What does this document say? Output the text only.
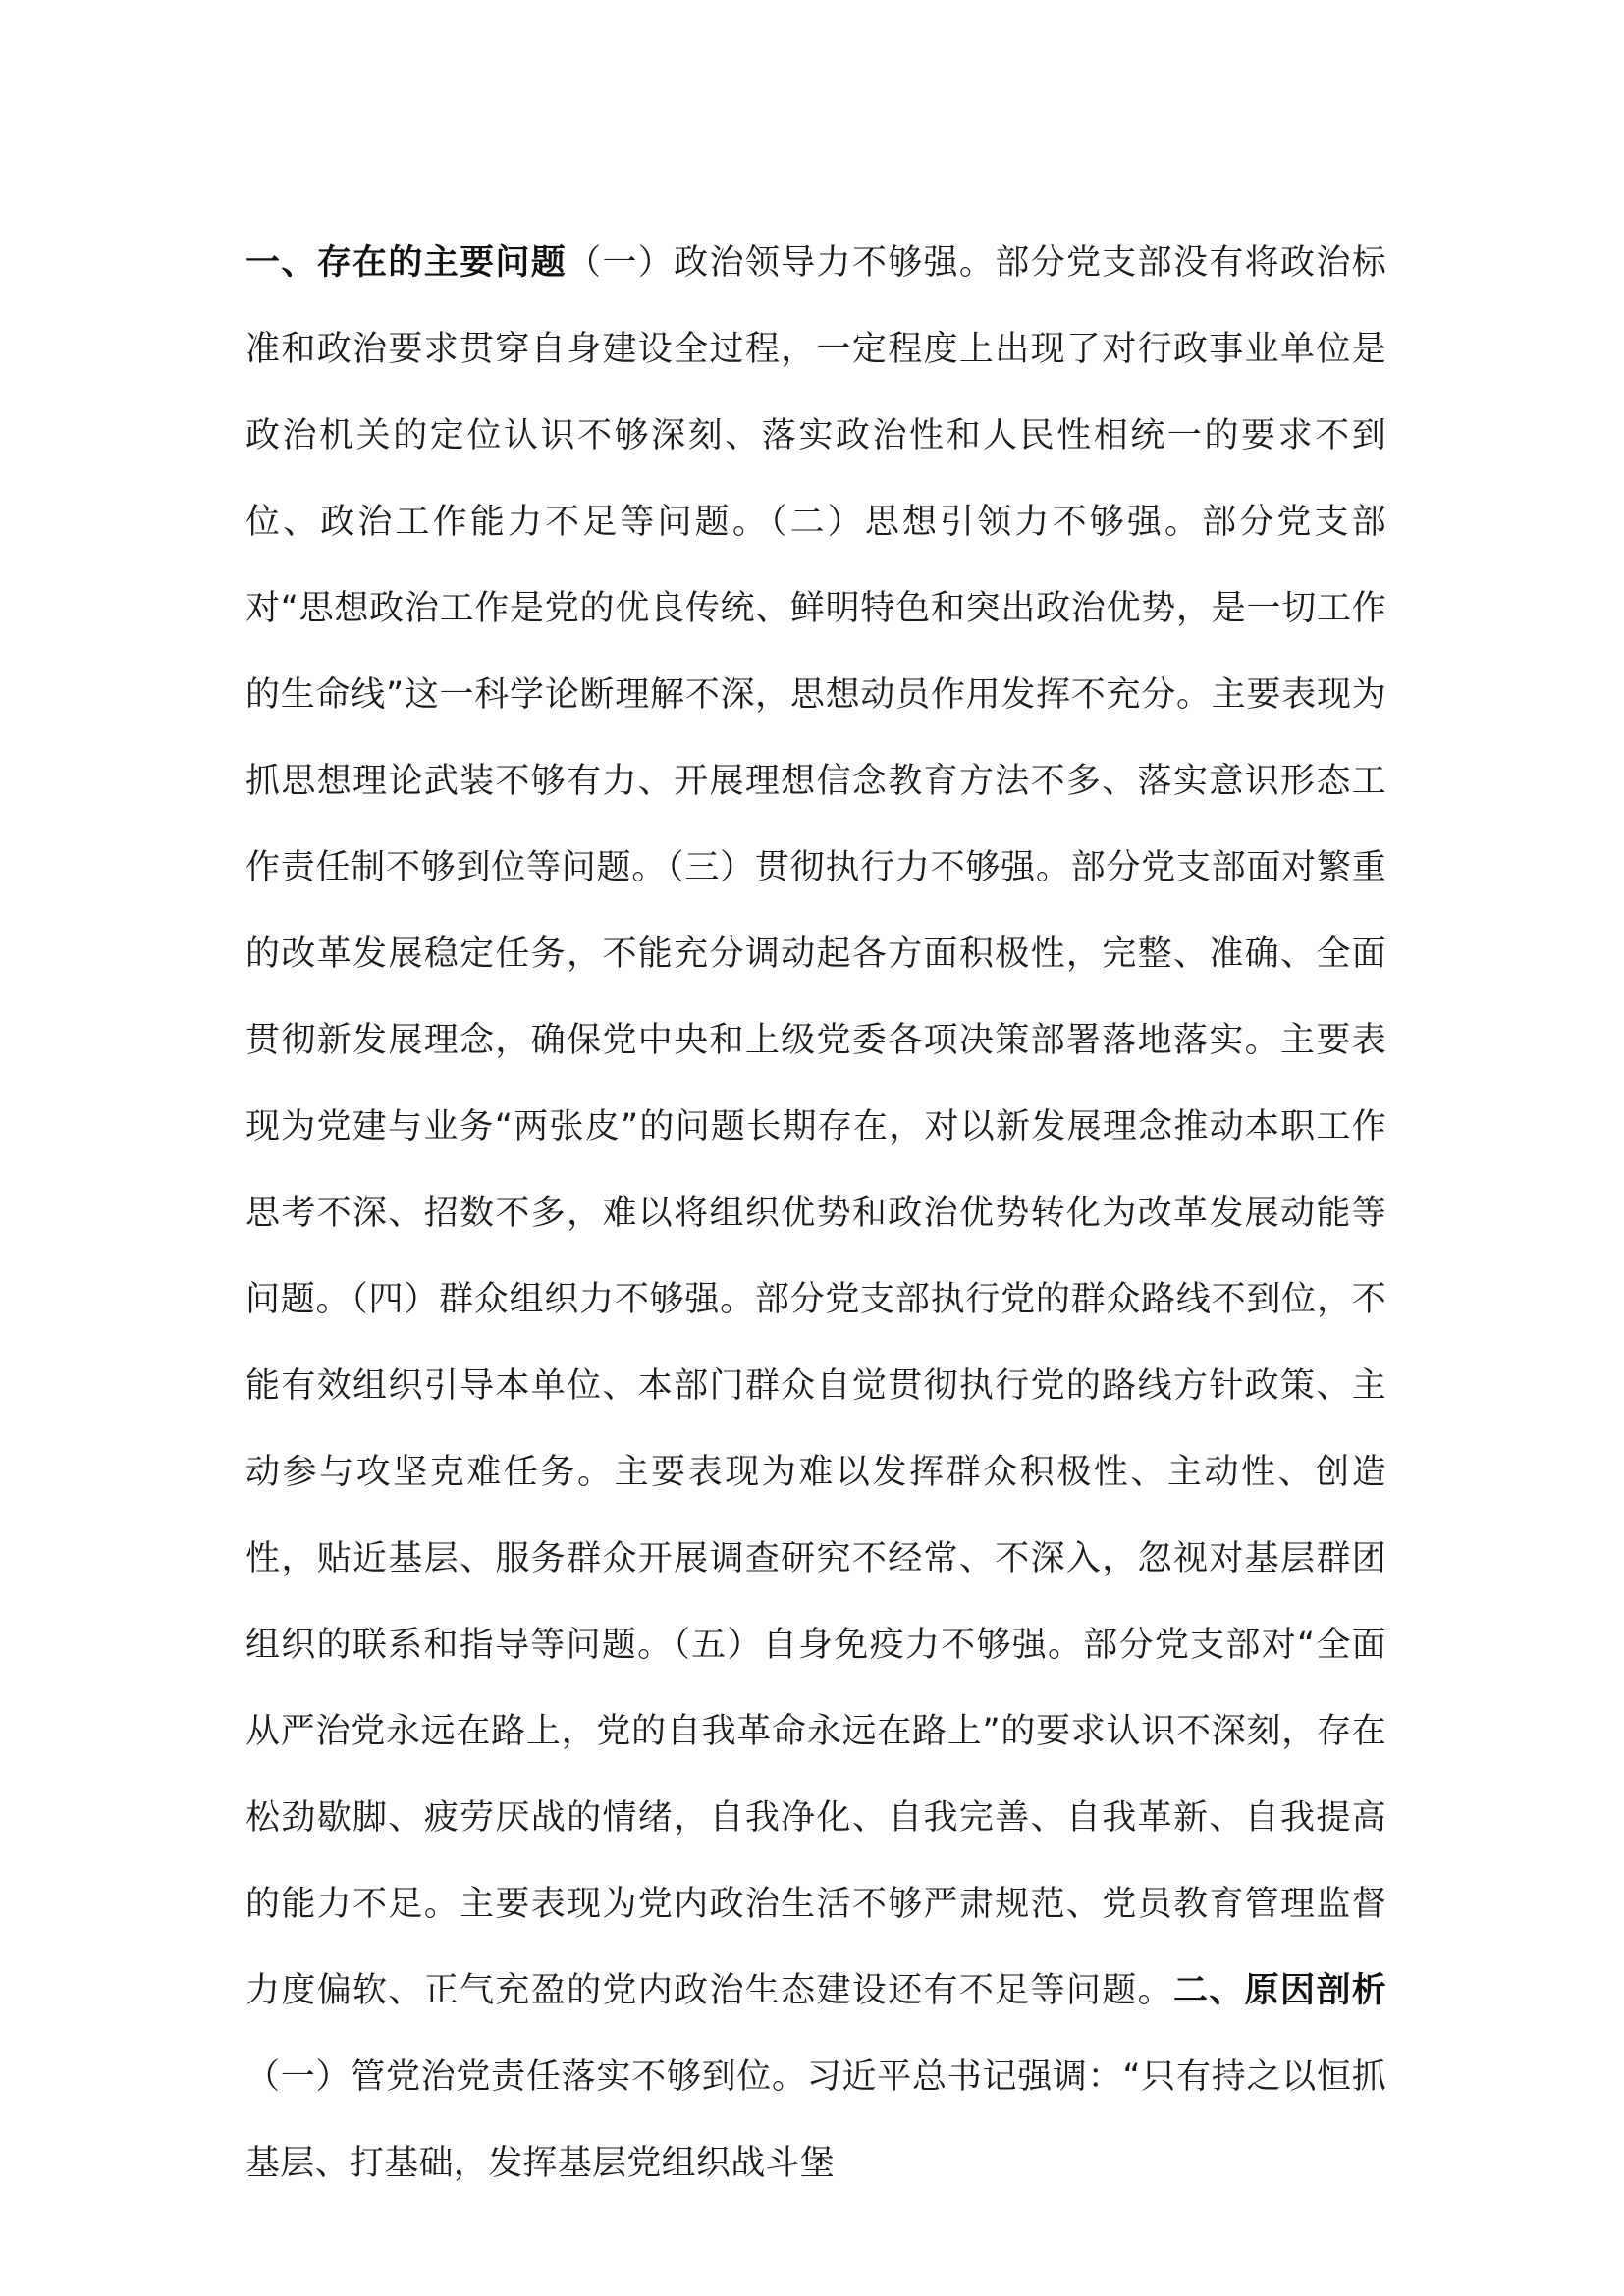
一、存在的主要问题（一）政治领导力不够强。部分党支部没有将政治标准和政治要求贯穿自身建设全过程，一定程度上出现了对行政事业单位是政治机关的定位认识不够深刻、落实政治性和人民性相统一的要求不到位、政治工作能力不足等问题。（二）思想引领力不够强。部分党支部对“思想政治工作是党的优良传统、鲜明特色和突出政治优势，是一切工作的生命线”这一科学论断理解不深，思想动员作用发挥不充分。主要表现为抓思想理论武装不够有力、开展理想信念教育方法不多、落实意识形态工作责任制不够到位等问题。（三）贯彻执行力不够强。部分党支部面对繁重的改革发展稳定任务，不能充分调动起各方面积极性，完整、准确、全面贯彻新发展理念，确保党中央和上级党委各项决策部署落地落实。主要表现为党建与业务“两张皮”的问题长期存在，对以新发展理念推动本职工作思考不深、招数不多，难以将组织优势和政治优势转化为改革发展动能等问题。（四）群众组织力不够强。部分党支部执行党的群众路线不到位，不能有效组织引导本单位、本部门群众自觉贯彻执行党的路线方针政策、主动参与攻坚克难任务。主要表现为难以发挥群众积极性、主动性、创造性，贴近基层、服务群众开展调查研究不经常、不深入，忽视对基层群团组织的联系和指导等问题。（五）自身免疫力不够强。部分党支部对“全面从严治党永远在路上，党的自我革命永远在路上”的要求认识不深刻，存在松劲歇脚、疲劳厌战的情绪，自我净化、自我完善、自我革新、自我提高的能力不足。主要表现为党内政治生活不够严肃规范、党员教育管理监督力度偏软、正气充盈的党内政治生态建设还有不足等问题。二、原因剖析（一）管党治党责任落实不够到位。习近平总书记强调：“只有持之以恒抓基层、打基础，发挥基层党组织战斗堡
